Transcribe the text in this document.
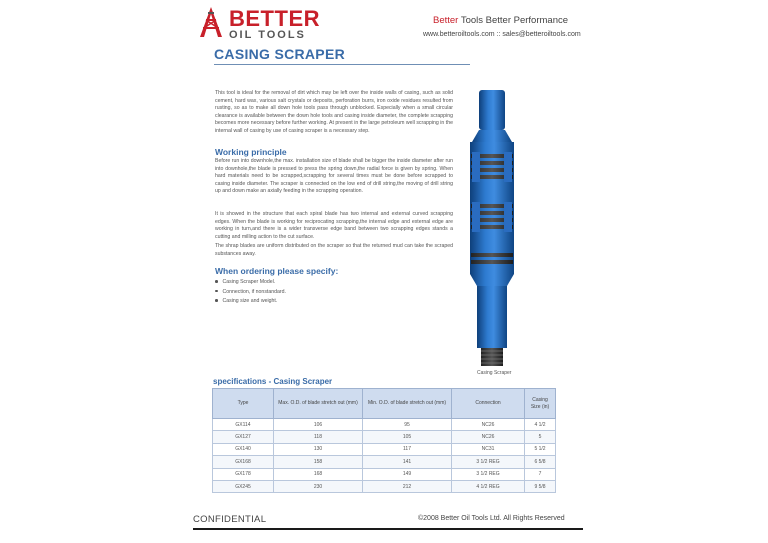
BETTER
OIL TOOLS
Better Tools Better Performance
www.betteroiltools.com :: sales@betteroiltools.com
CASING SCRAPER
This tool is ideal for the removal of dirt which may be left over the inside walls of casing, such as solid cement, hard wax, various salt crystals or deposits, perforation burrs, iron oxide residues resulted from rusting, so as to make all down hole tools pass through unblocked. Especially when a small circular clearance is available between the down hole tools and casing inside diameter, the complete scrapping becomes more necessary before further working. At present in the large petroleum well scrapping in the internal wall of casing by use of casing scraper is a necessary step.
Working principle
Before run into downhole,the max. installation size of blade shall be bigger the inside diameter after run into downhole,the blade is pressed to press the spring down,the radial force is given by spring. When hard materials need to be scrapped,scrapping for several times must be done before scrapped to casing inside diameter. The scraper is connected on the low end of drill string,the moving of drill string up and down make an axially feeding in the scrapping operation.
It is showed in the structure that each spiral blade has two internal and external curved scrapping edges. When the blade is working for reciprocating scrapping,the internal edge and external edge are working in turn,and there is a wider transverse edge band between two scrapping edges stands a cutting and milling action to the cut surface.
The shrap blades are uniform distributed on the scraper so that the returned mud can take the scraped substances away.
When ordering please specify:
Casing Scraper Model.
Connection, if nonstandard.
Casing size and weight.
Casing Scraper
specifications - Casing Scraper
Type	Max. O.D. of blade stretch out (mm)	Min. O.D. of blade stretch out (mm)	Connection	Casing Size (in)
GX114	106	95	NC26	4 1/2
GX127	118	105	NC26	5
GX140	130	117	NC31	5 1/2
GX168	158	141	3 1/2 REG	6 5/8
GX178	168	149	3 1/2 REG	7
GX245	230	212	4 1/2 REG	9 5/8
CONFIDENTIAL	©2008 Better Oil Tools Ltd. All Rights Reserved
